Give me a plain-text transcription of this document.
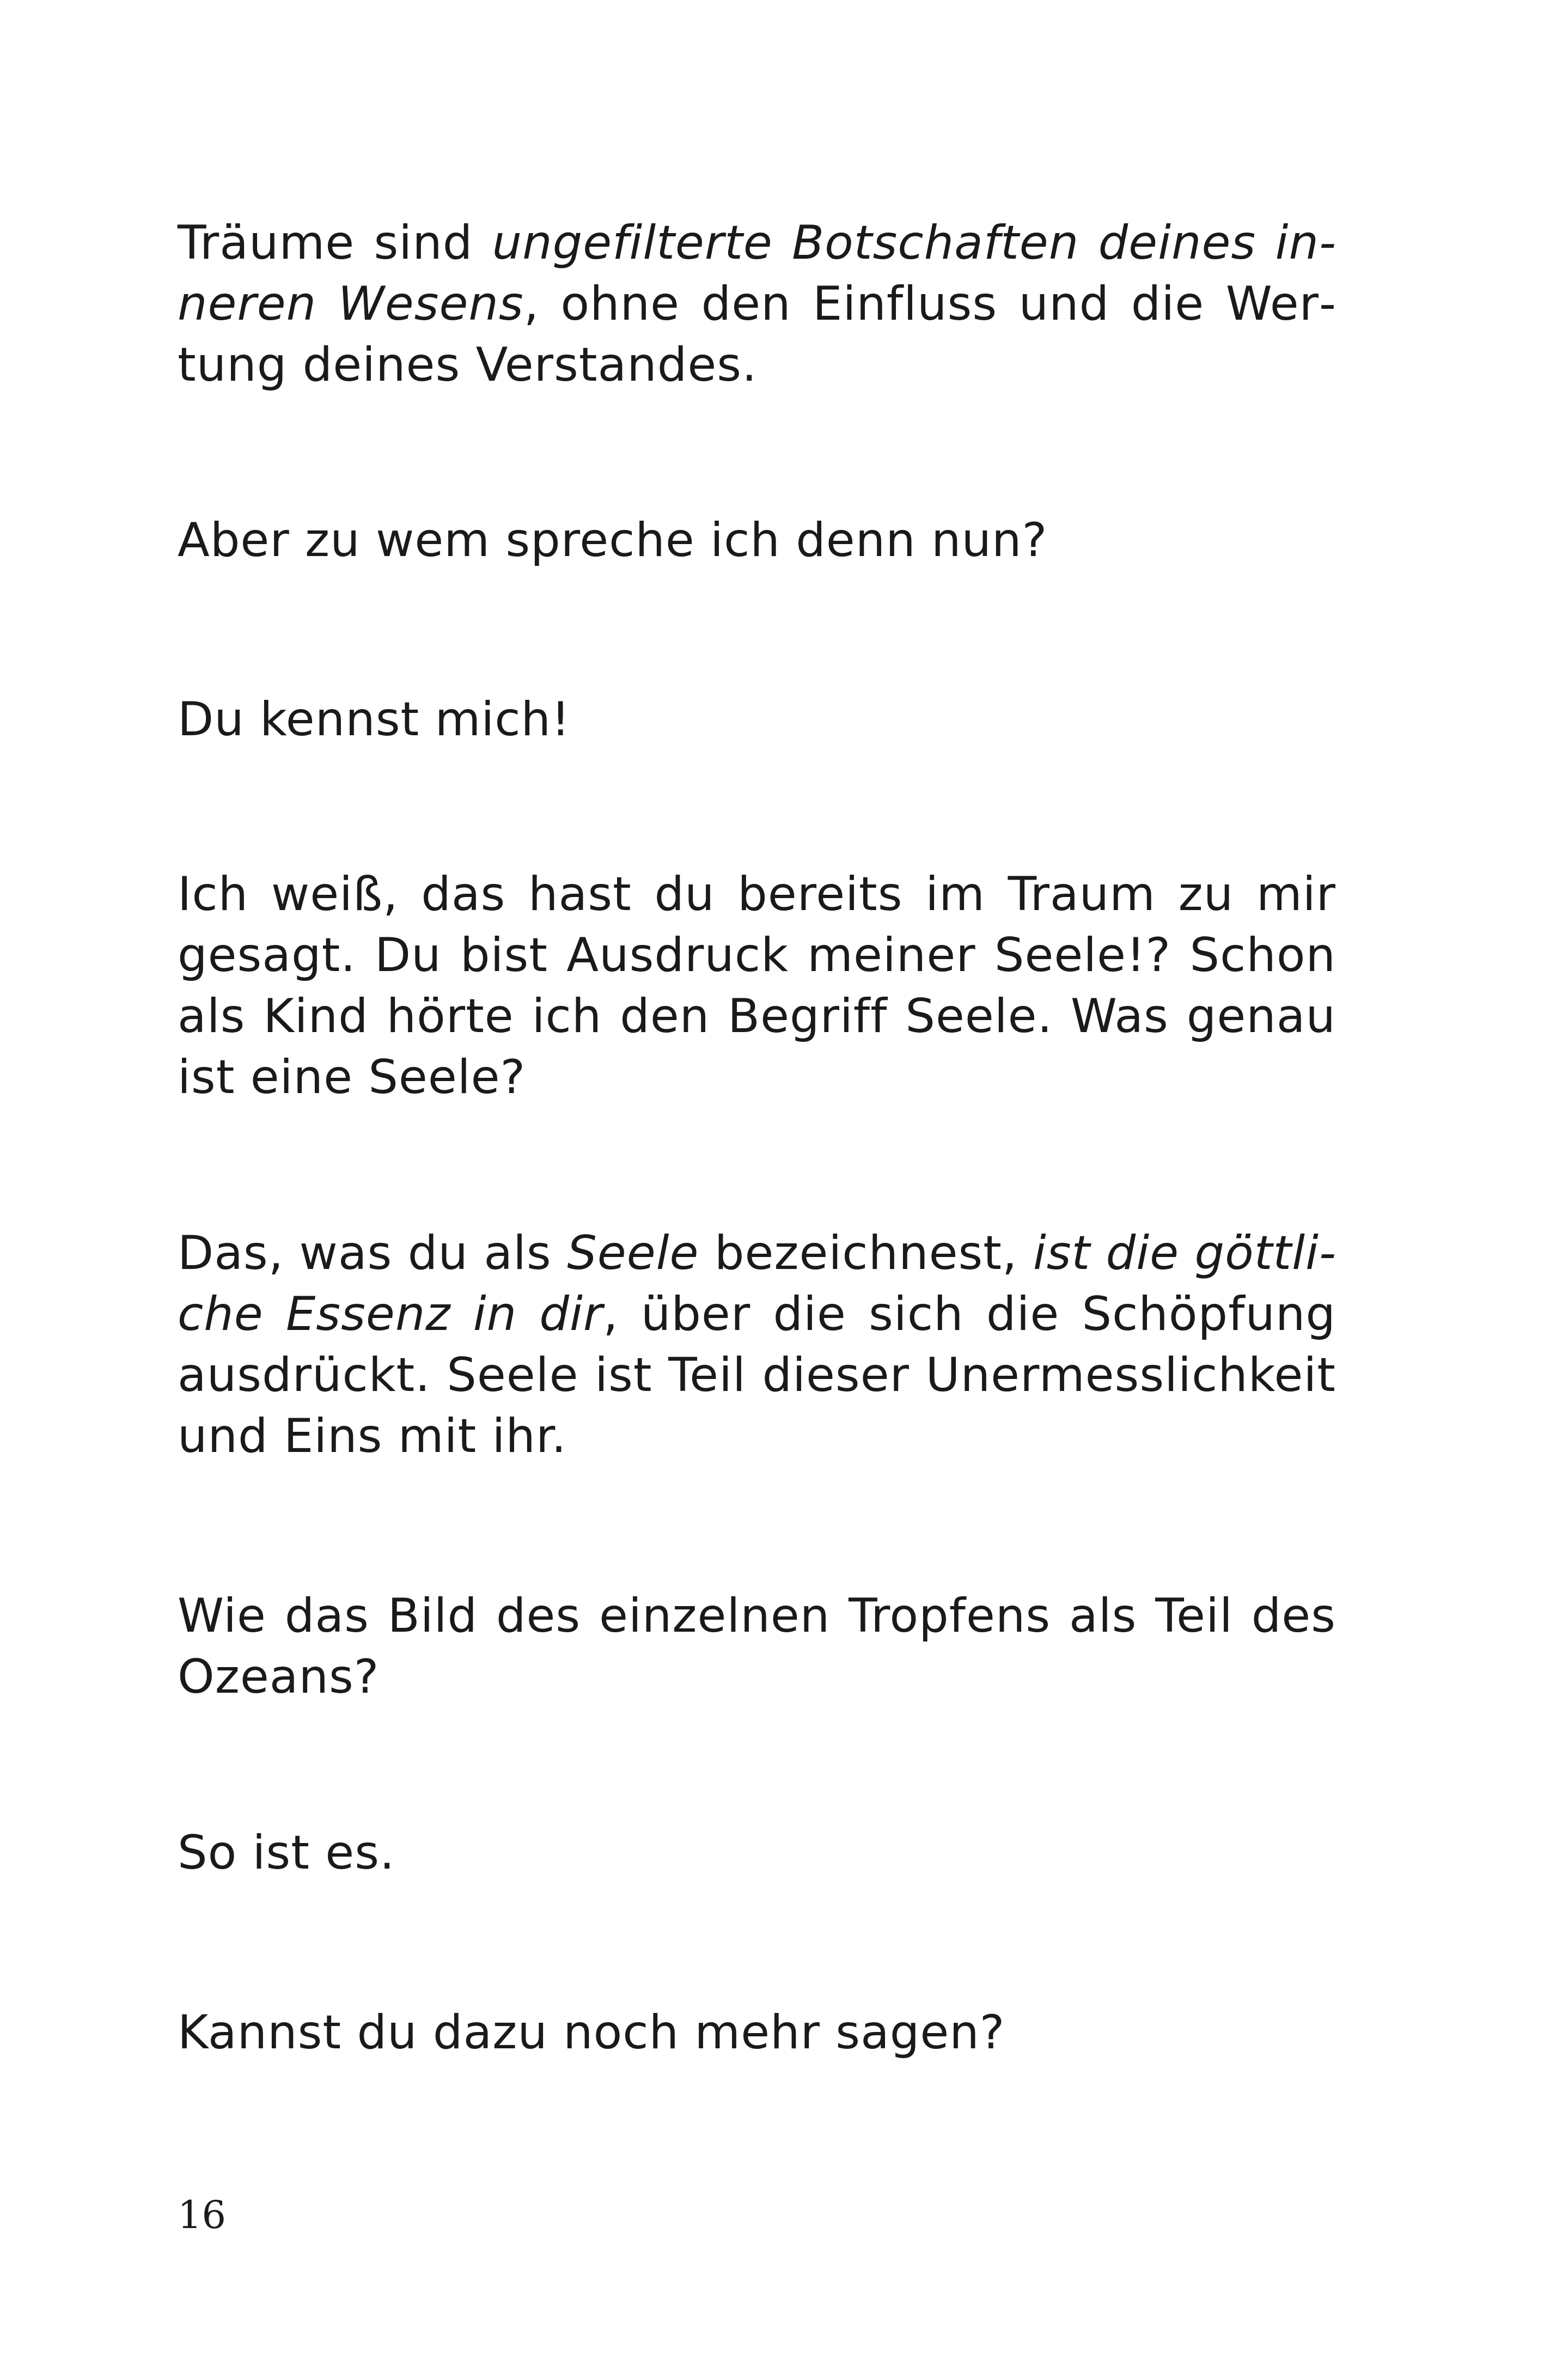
Träume sind ungefilterte Botschaften deines inneren Wesens, ohne den Einfluss und die Wertung deines Verstandes.

Aber zu wem spreche ich denn nun?

Du kennst mich!

Ich weiß, das hast du bereits im Traum zu mir gesagt. Du bist Ausdruck meiner Seele!? Schon als Kind hörte ich den Begriff Seele. Was genau ist eine Seele?

Das, was du als Seele bezeichnest, ist die göttliche Essenz in dir, über die sich die Schöpfung ausdrückt. Seele ist Teil dieser Unermesslichkeit und Eins mit ihr.

Wie das Bild des einzelnen Tropfens als Teil des Ozeans?

So ist es.

Kannst du dazu noch mehr sagen?

16
